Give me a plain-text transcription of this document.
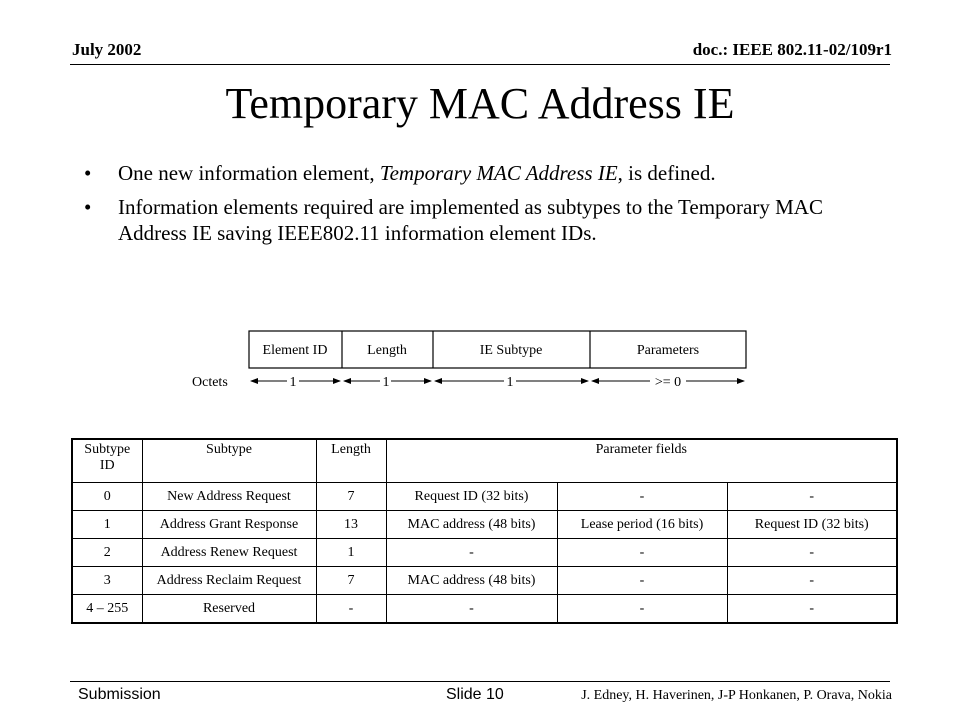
July 2002	doc.: IEEE 802.11-02/109r1
Temporary MAC Address IE
• One new information element, Temporary MAC Address IE, is defined.
• Information elements required are implemented as subtypes to the Temporary MAC Address IE saving IEEE802.11 information element IDs.
Element ID	Length	IE Subtype	Parameters
Octets	1	1	1	>= 0
Subtype ID	Subtype	Length	Parameter fields		
0	New Address Request	7	Request ID (32 bits)	-	-
1	Address Grant Response	13	MAC address (48 bits)	Lease period (16 bits)	Request ID (32 bits)
2	Address Renew Request	1	-	-	-
3	Address Reclaim Request	7	MAC address (48 bits)	-	-
4 – 255	Reserved	-	-	-	-
Submission	Slide 10	J. Edney, H. Haverinen, J-P Honkanen, P. Orava, Nokia
